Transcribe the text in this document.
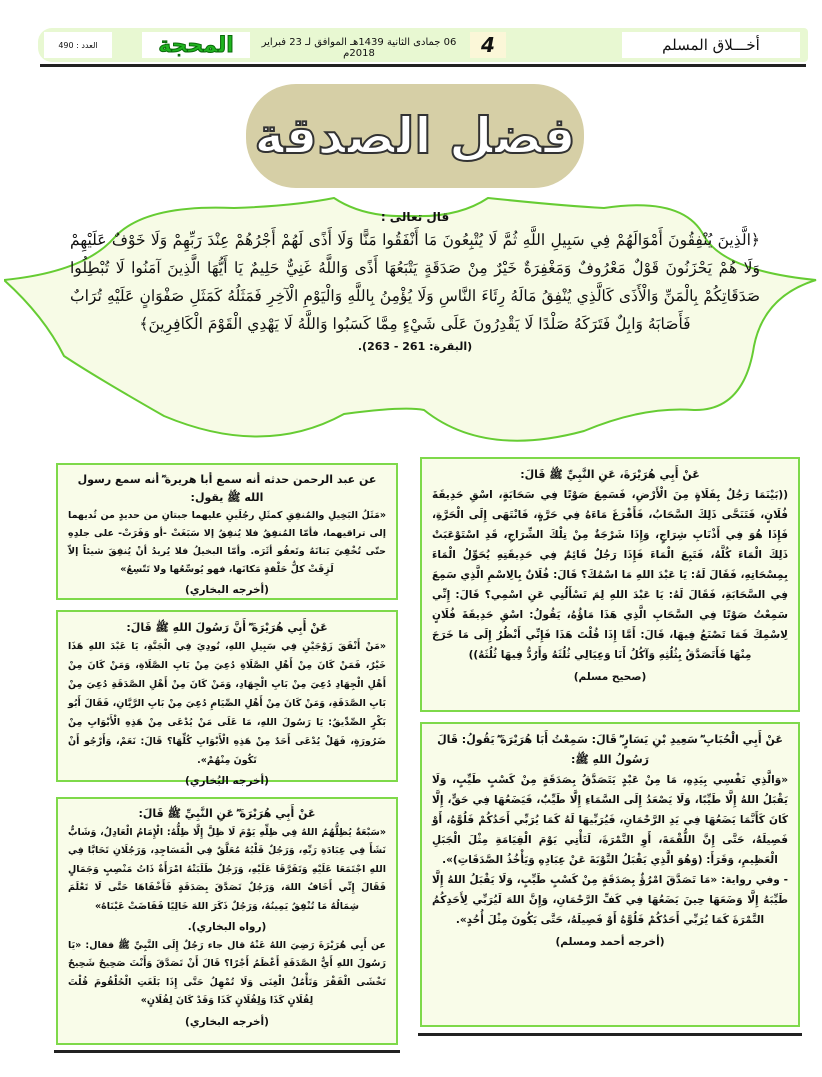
أخـــلاق المسلم
4
06 جمادى الثانية 1439هـ الموافق لـ 23 فبراير 2018م
المحجة
العدد : 490
فضل الصدقة
قال تعالى :
﴿الَّذِينَ يُنْفِقُونَ أَمْوَالَهُمْ فِي سَبِيلِ اللَّهِ ثُمَّ لَا يُتْبِعُونَ مَا أَنْفَقُوا مَنًّا وَلَا أَذًى لَهُمْ أَجْرُهُمْ عِنْدَ رَبِّهِمْ وَلَا خَوْفٌ عَلَيْهِمْ وَلَا هُمْ يَحْزَنُونَ قَوْلٌ مَعْرُوفٌ وَمَغْفِرَةٌ خَيْرٌ مِنْ صَدَقَةٍ يَتْبَعُهَا أَذًى وَاللَّهُ غَنِيٌّ حَلِيمٌ يَا أَيُّهَا الَّذِينَ آمَنُوا لَا تُبْطِلُوا صَدَقَاتِكُمْ بِالْمَنِّ وَالْأَذَى كَالَّذِي يُنْفِقُ مَالَهُ رِئَاءَ النَّاسِ وَلَا يُؤْمِنُ بِاللَّهِ وَالْيَوْمِ الْآخِرِ فَمَثَلُهُ كَمَثَلِ صَفْوَانٍ عَلَيْهِ تُرَابٌ فَأَصَابَهُ وَابِلٌ فَتَرَكَهُ صَلْدًا لَا يَقْدِرُونَ عَلَى شَيْءٍ مِمَّا كَسَبُوا وَاللَّهُ لَا يَهْدِي الْقَوْمَ الْكَافِرِينَ﴾
(البقرة: 261 - 263).
عَنْ أَبِي هُرَيْرَةَ، عَنِ النَّبِيِّ ﷺ قَالَ:

((بَيْنَمَا رَجُلٌ بِفَلَاةٍ مِنَ الْأَرْضِ، فَسَمِعَ صَوْتًا فِي سَحَابَةٍ، اسْقِ حَدِيقَةَ فُلَانٍ، فَتَنَحَّى ذَلِكَ السَّحَابُ، فَأَفْرَغَ مَاءَهُ فِي حَرَّةٍ، فَانْتَهَى إِلَى الْحَرَّةِ، فَإِذَا هُوَ فِي أَذْنَابِ شِرَاجٍ، وَإِذَا شَرْجَةٌ مِنْ تِلْكَ الشِّرَاجِ، قَدِ اسْتَوْعَبَتْ ذَلِكَ الْمَاءَ كُلَّهُ، فَتَبِعَ الْمَاءَ فَإِذَا رَجُلٌ قَائِمٌ فِي حَدِيقَتِهِ يُحَوِّلُ الْمَاءَ بِمِسْحَاتِهِ، فَقَالَ لَهُ: يَا عَبْدَ اللهِ مَا اسْمُكَ؟ قَالَ: فُلَانٌ بِالِاسْمِ الَّذِي سَمِعَ فِي السَّحَابَةِ، فَقَالَ لَهُ: يَا عَبْدَ اللهِ لِمَ تَسْأَلُنِي عَنِ اسْمِي؟ قَالَ: إِنِّي سَمِعْتُ صَوْتًا فِي السَّحَابِ الَّذِي هَذَا مَاؤُهُ، يَقُولُ: اسْقِ حَدِيقَةَ فُلَانٍ لِاسْمِكَ فَمَا تَصْنَعُ فِيهَا، قَالَ: أَمَّا إِذَا قُلْتَ هَذَا فَإِنِّي أَنْظُرُ إِلَى مَا خَرَجَ مِنْهَا فَأَتَصَدَّقُ بِثُلُثِهِ وَآكُلُ أَنَا وَعِيَالِي ثُلُثَهُ وَأَرُدُّ فِيهَا ثُلُثَهُ))

(صحيح مسلم)
عَنْ أَبِي الْحُبَابِ ؓ سَعِيدِ بْنِ يَسَارٍ ؓ قَالَ: سَمِعْتُ أَبَا هُرَيْرَةَ ؓ يَقُولُ: قَالَ رَسُولُ اللهِ ﷺ:

«وَالَّذِي نَفْسِي بِيَدِهِ، مَا مِنْ عَبْدٍ يَتَصَدَّقُ بِصَدَقَةٍ مِنْ كَسْبٍ طَيِّبٍ، وَلَا يَقْبَلُ اللهُ إِلَّا طَيِّبًا، وَلَا يَصْعَدُ إِلَى السَّمَاءِ إِلَّا طَيِّبٌ، فَيَضَعُهَا فِي حَقٍّ، إِلَّا كَانَ كَأَنَّمَا يَضَعُهَا فِي يَدِ الرَّحْمَانِ، فَيُرَبِّيهَا لَهُ كَمَا يُرَبِّي أَحَدُكُمْ فَلُوَّهُ، أَوْ فَصِيلَهُ، حَتَّى إِنَّ اللُّقْمَةَ، أَوِ التَّمْرَةَ، لَتَأْتِي يَوْمَ الْقِيَامَةِ مِثْلَ الْجَبَلِ الْعَظِيمِ، وَقَرَأَ: (وَهُوَ الَّذِي يَقْبَلُ التَّوْبَةَ عَنْ عِبَادِهِ وَيَأْخُذُ الصَّدَقَاتِ)».

- وفي رواية: «مَا تَصَدَّقَ امْرُؤٌ بِصَدَقَةٍ مِنْ كَسْبٍ طَيِّبٍ، وَلَا يَقْبَلُ اللهُ إِلَّا طَيِّبَهُ إِلَّا وَضَعَهَا حِينَ يَضَعُهَا فِي كَفِّ الرَّحْمَانِ، وَإِنَّ اللهَ لَيُرَبِّي لِأَحَدِكُمُ التَّمْرَةَ كَمَا يُرَبِّي أَحَدُكُمْ فَلُوَّهُ أَوْ فَصِيلَهُ، حَتَّى يَكُونَ مِثْلَ أُحُدٍ».

(أخرجه أحمد ومسلم)
عن عبد الرحمن حدثه أنه سمع أبا هريرة ؓ أنه سمع رسول الله ﷺ يقول:

«مَثَلُ البَخِيلِ والمُنفِقِ كمثَلِ رجُلَينِ عليهما جبتانِ من حديدٍ من ثُديهما إلى تراقيهما، فأمّا المُنفِقُ فلا يُنفِقُ إلا سَبَغَتْ -أو وَفَرَتْ- على جلدِهِ حتّى تُخْفِيَ بَنانَهُ وتَعفُو أثَرَه. وأمّا البخيلُ فلا يُريدُ أنْ يُنفِقَ شيئاً إلاّ لَزِقَتْ كلُّ حَلْقةٍ مَكانَها، فهو يُوسِّعُها ولا تَتّسِعُ»

(أخرجه البخاري)
عَنْ أَبِي هُرَيْرَةَ ؓ أَنَّ رَسُولَ اللهِ ﷺ قَالَ:

«مَنْ أَنْفَقَ زَوْجَيْنِ فِي سَبِيلِ اللهِ، نُودِيَ فِي الْجَنَّةِ، يَا عَبْدَ اللهِ هَذَا خَيْرٌ، فَمَنْ كَانَ مِنْ أَهْلِ الصَّلَاةِ دُعِيَ مِنْ بَابِ الصَّلَاةِ، وَمَنْ كَانَ مِنْ أَهْلِ الْجِهَادِ دُعِيَ مِنْ بَابِ الْجِهَادِ، وَمَنْ كَانَ مِنْ أَهْلِ الصَّدَقَةِ دُعِيَ مِنْ بَابِ الصَّدَقَةِ، وَمَنْ كَانَ مِنْ أَهْلِ الصِّيَامِ دُعِيَ مِنْ بَابِ الرَّيَّانِ، فَقَالَ أَبُو بَكْرٍ الصِّدِّيقُ: يَا رَسُولَ اللهِ، مَا عَلَى مَنْ يُدْعَى مِنْ هَذِهِ الْأَبْوَابِ مِنْ ضَرُورَةٍ، فَهَلْ يُدْعَى أَحَدٌ مِنْ هَذِهِ الْأَبْوَابِ كُلِّهَا؟ قَالَ: نَعَمْ، وَأَرْجُو أَنْ تَكُونَ مِنْهُمْ».

(أخرجه البُخاري)
عَنْ أَبِي هُرَيْرَةَ ؓ عَنِ النَّبِيِّ ﷺ قَالَ:

«سَبْعَةٌ يُظِلُّهُمُ اللهُ فِي ظِلِّهِ يَوْمَ لَا ظِلَّ إِلَّا ظِلُّهُ: الْإِمَامُ الْعَادِلُ، وَشَابٌّ نَشَأَ فِي عِبَادَةِ رَبِّهِ، وَرَجُلٌ قَلْبُهُ مُعَلَّقٌ فِي الْمَسَاجِدِ، وَرَجُلَانِ تَحَابَّا فِي اللهِ اجْتَمَعَا عَلَيْهِ وَتَفَرَّقَا عَلَيْهِ، وَرَجُلٌ طَلَبَتْهُ امْرَأَةٌ ذَاتُ مَنْصِبٍ وَجَمَالٍ فَقَالَ إِنِّي أَخَافُ اللهَ، وَرَجُلٌ تَصَدَّقَ بِصَدَقَةٍ فَأَخْفَاهَا حَتَّى لَا تَعْلَمَ شِمَالُهُ مَا تُنْفِقُ يَمِينُهُ، وَرَجُلٌ ذَكَرَ اللهَ خَالِيًا فَفَاضَتْ عَيْنَاهُ»

(رواه البخاري).

عن أَبِي هُرَيْرَةَ رَضِيَ اللهُ عَنْهُ قال جاء رَجُلٌ إِلَى النَّبِيِّ ﷺ فقال: «يَا رَسُولَ اللهِ أَيُّ الصَّدَقَةِ أَعْظَمُ أَجْرًا؟ قَالَ أَنْ تَصَدَّقَ وَأَنْتَ صَحِيحٌ شَحِيحٌ تَخْشَى الْفَقْرَ وَتَأْمُلُ الْغِنَى وَلَا تُمْهِلُ حَتَّى إِذَا بَلَغَتِ الْحُلْقُومَ قُلْتَ لِفُلَانٍ كَذَا وَلِفُلَانٍ كَذَا وَقَدْ كَانَ لِفُلَانٍ»

(أخرجه البخاري)
